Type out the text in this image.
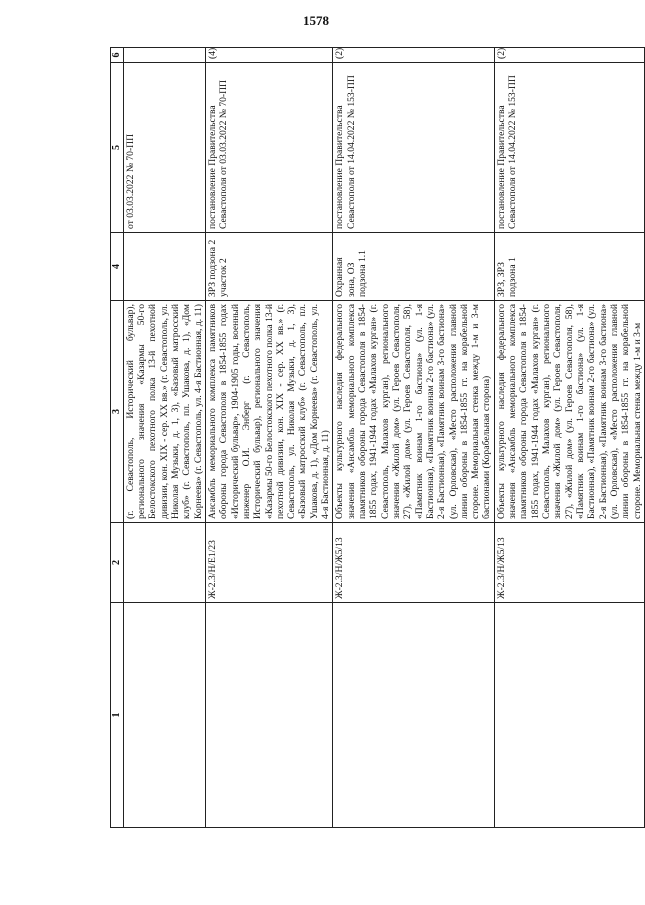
1578
1	2	3	4	5	6
		(г. Севастополь, Исторический бульвар), регионального значения «Казармы 50-го Белостокского пехотного полка 13-й пехотной дивизии, кон. XIX - сер. XX вв.» (г. Севастополь, ул. Николая Музыки, д. 1, 3), «Базовый матросский клуб» (г. Севастополь, пл. Ушакова, д. 1), «Дом Корнеева» (г. Севастополь, ул. 4-я Бастионная, д. 11)		от 03.03.2022 № 70-ПП	
	Ж-2.3/Н/Е1/23	Ансамбль мемориального комплекса памятников обороны города Севастополя в 1854-1855 годах «Исторический бульвар», 1904-1905 годы, военный инженер О.И. Энберг (г. Севастополь, Исторический бульвар), регионального значения «Казармы 50-го Белостокского пехотного полка 13-й пехотной дивизии, кон. XIX - сер. XX вв.» (г. Севастополь, ул. Николая Музыки, д. 1, 3), «Базовый матросский клуб» (г. Севастополь, пл. Ушакова, д. 1), «Дом Корнеева» (г. Севастополь, ул. 4-я Бастионная, д. 11)	ЗРЗ подзона 2 участок 2	постановление Правительства Севастополя от 03.03.2022 № 70-ПП	(4)
	Ж-2.3/Н/Ж5/13	Объекты культурного наследия федерального значения «Ансамбль мемориального комплекса памятников обороны города Севастополя в 1854-1855 годах, 1941-1944 годах «Малахов курган» (г. Севастополь, Малахов курган), регионального значения «Жилой дом» (ул. Героев Севастополя, 27), «Жилой дом» (ул. Героев Севастополя, 58), «Памятник воинам 1-го бастиона» (ул. 1-я Бастионная), «Памятник воинам 2-го бастиона» (ул. 2-я Бастионная), «Памятник воинам 3-го бастиона» (ул. Орловская), «Место расположения главной линии обороны в 1854-1855 гг. на корабельной стороне. Мемориальная стенка между 1-м и 3-м бастионами (Корабельная сторона)	Охранная зона, ОЗ подзона 1.1	постановление Правительства Севастополя от 14.04.2022 № 153-ПП	(2)
	Ж-2.3/Н/Ж5/13	Объекты культурного наследия федерального значения «Ансамбль мемориального комплекса памятников обороны города Севастополя в 1854-1855 годах, 1941-1944 годах «Малахов курган» (г. Севастополь, Малахов курган), регионального значения «Жилой дом» (ул. Героев Севастополя, 27), «Жилой дом» (ул. Героев Севастополя, 58), «Памятник воинам 1-го бастиона» (ул. 1-я Бастионная), «Памятник воинам 2-го бастиона» (ул. 2-я Бастионная), «Памятник воинам 3-го бастиона» (ул. Орловская), «Место расположения главной линии обороны в 1854-1855 гг. на корабельной стороне. Мемориальная стенка между 1-м и 3-м	ЗРЗ, ЗРЗ подзона 1	постановление Правительства Севастополя от 14.04.2022 № 153-ПП	(2)
